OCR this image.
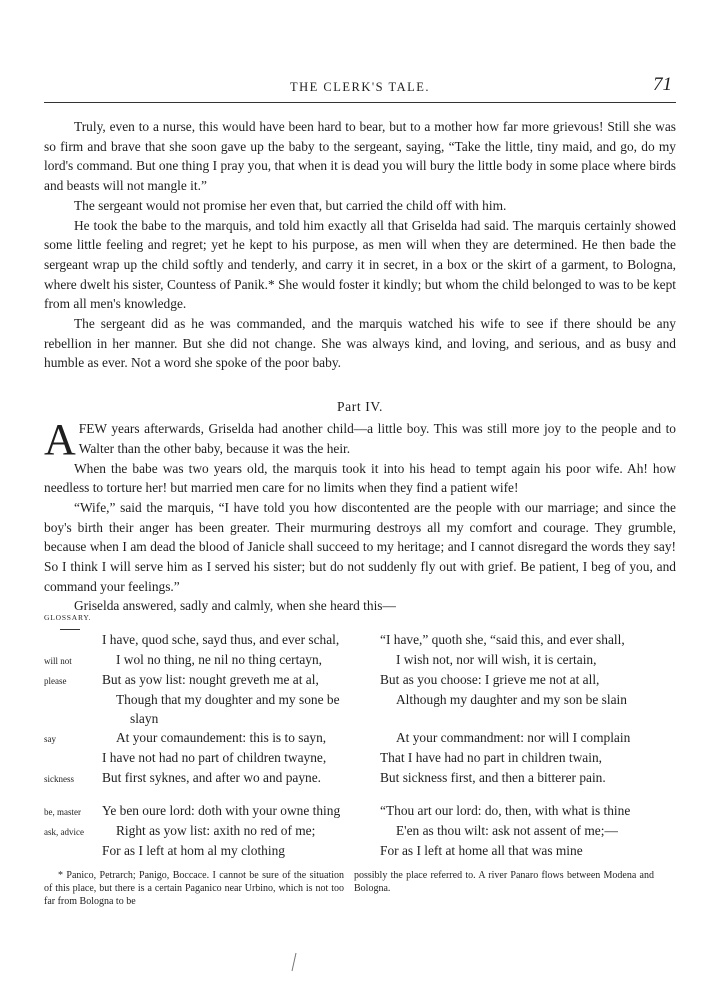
THE CLERK'S TALE.	71

Truly, even to a nurse, this would have been hard to bear, but to a mother how far more grievous! Still she was so firm and brave that she soon gave up the baby to the sergeant, saying, “Take the little, tiny maid, and go, do my lord's command. But one thing I pray you, that when it is dead you will bury the little body in some place where birds and beasts will not mangle it.”

The sergeant would not promise her even that, but carried the child off with him.

He took the babe to the marquis, and told him exactly all that Griselda had said. The marquis certainly showed some little feeling and regret; yet he kept to his purpose, as men will when they are determined. He then bade the sergeant wrap up the child softly and tenderly, and carry it in secret, in a box or the skirt of a garment, to Bologna, where dwelt his sister, Countess of Panik.* She would foster it kindly; but whom the child belonged to was to be kept from all men's knowledge.

The sergeant did as he was commanded, and the marquis watched his wife to see if there should be any rebellion in her manner. But she did not change. She was always kind, and loving, and serious, and as busy and humble as ever. Not a word she spoke of the poor baby.

Part IV.

AFEW years afterwards, Griselda had another child—a little boy. This was still more joy to the people and to Walter than the other baby, because it was the heir.

When the babe was two years old, the marquis took it into his head to tempt again his poor wife. Ah! how needless to torture her! but married men care for no limits when they find a patient wife!

“Wife,” said the marquis, “I have told you how discontented are the people with our marriage; and since the boy's birth their anger has been greater. Their murmuring destroys all my comfort and courage. They grumble, because when I am dead the blood of Janicle shall succeed to my heritage; and I cannot disregard the words they say! So I think I will serve him as I served his sister; but do not suddenly fly out with grief. Be patient, I beg of you, and command your feelings.”

Griselda answered, sadly and calmly, when she heard this—

GLOSSARY.
I have, quod sche, sayd thus, and ever schal,	“I have,” quoth she, “said this, and ever shall,
will not	I wol no thing, ne nil no thing certayn,	I wish not, nor will wish, it is certain,
please	But as yow list: nought greveth me at al,	But as you choose: I grieve me not at all,
Though that my doughter and my sone be	Although my daughter and my son be slain
slayn
say	At your comaundement: this is to sayn,	At your commandment: nor will I complain
I have not had no part of children twayne,	That I have had no part in children twain,
sickness	But first syknes, and after wo and payne.	But sickness first, and then a bitterer pain.
be, master	Ye ben oure lord: doth with your owne thing	“Thou art our lord: do, then, with what is thine
ask, advice	Right as yow list: axith no red of me;	E'en as thou wilt: ask not assent of me;—
For as I left at hom al my clothing	For as I left at home all that was mine
* Panico, Petrarch; Panigo, Boccace. I cannot be sure of the situation of this place, but there is a certain Paganico near Urbino, which is not too far from Bologna to be
possibly the place referred to. A river Panaro flows between Modena and Bologna.
